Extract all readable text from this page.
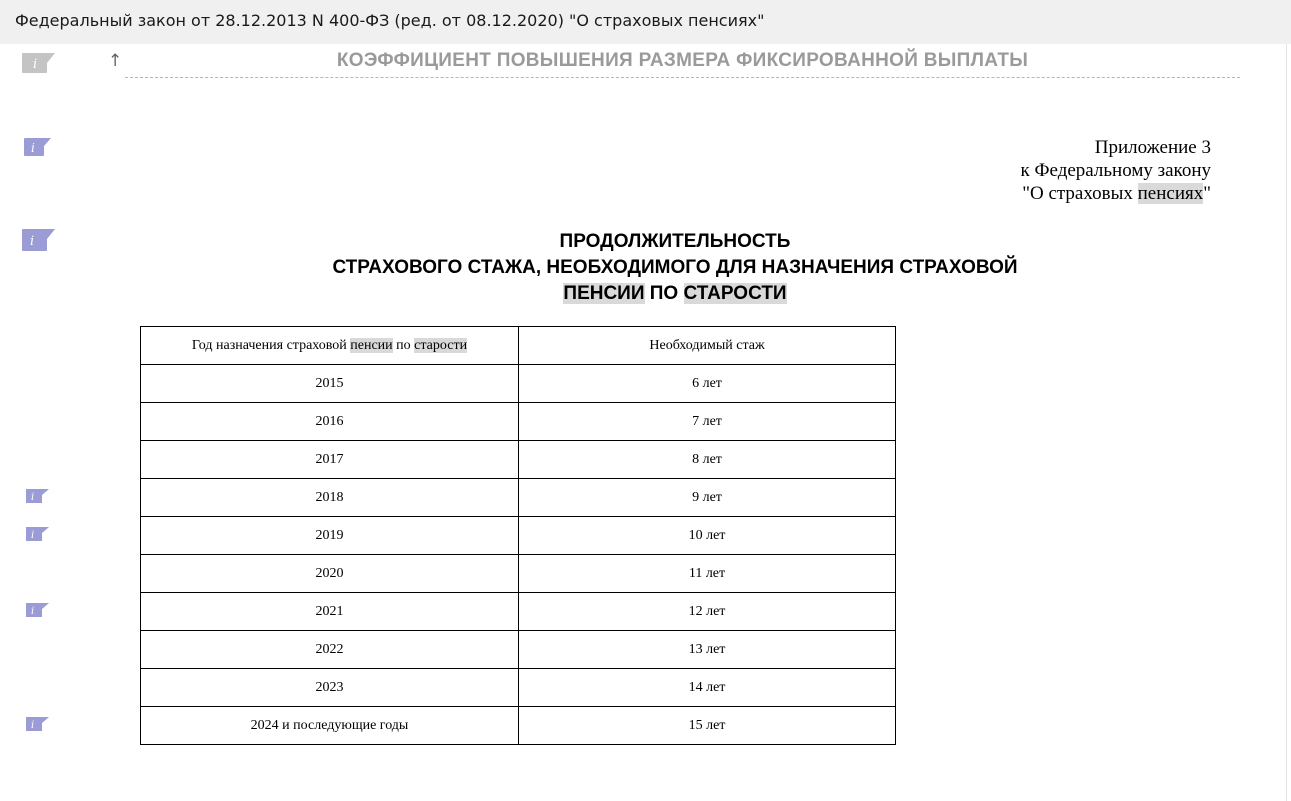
Федеральный закон от 28.12.2013 N 400-ФЗ (ред. от 08.12.2020) "О страховых пенсиях"
i
i
i
i
i
i
i
↑	КОЭФФИЦИЕНТ ПОВЫШЕНИЯ РАЗМЕРА ФИКСИРОВАННОЙ ВЫПЛАТЫ
Приложение 3
к Федеральному закону
"О страховых пенсиях"
ПРОДОЛЖИТЕЛЬНОСТЬ
СТРАХОВОГО СТАЖА, НЕОБХОДИМОГО ДЛЯ НАЗНАЧЕНИЯ СТРАХОВОЙ
ПЕНСИИ ПО СТАРОСТИ
Год назначения страховой пенсии по старости	Необходимый стаж
2015	6 лет
2016	7 лет
2017	8 лет
2018	9 лет
2019	10 лет
2020	11 лет
2021	12 лет
2022	13 лет
2023	14 лет
2024 и последующие годы	15 лет
